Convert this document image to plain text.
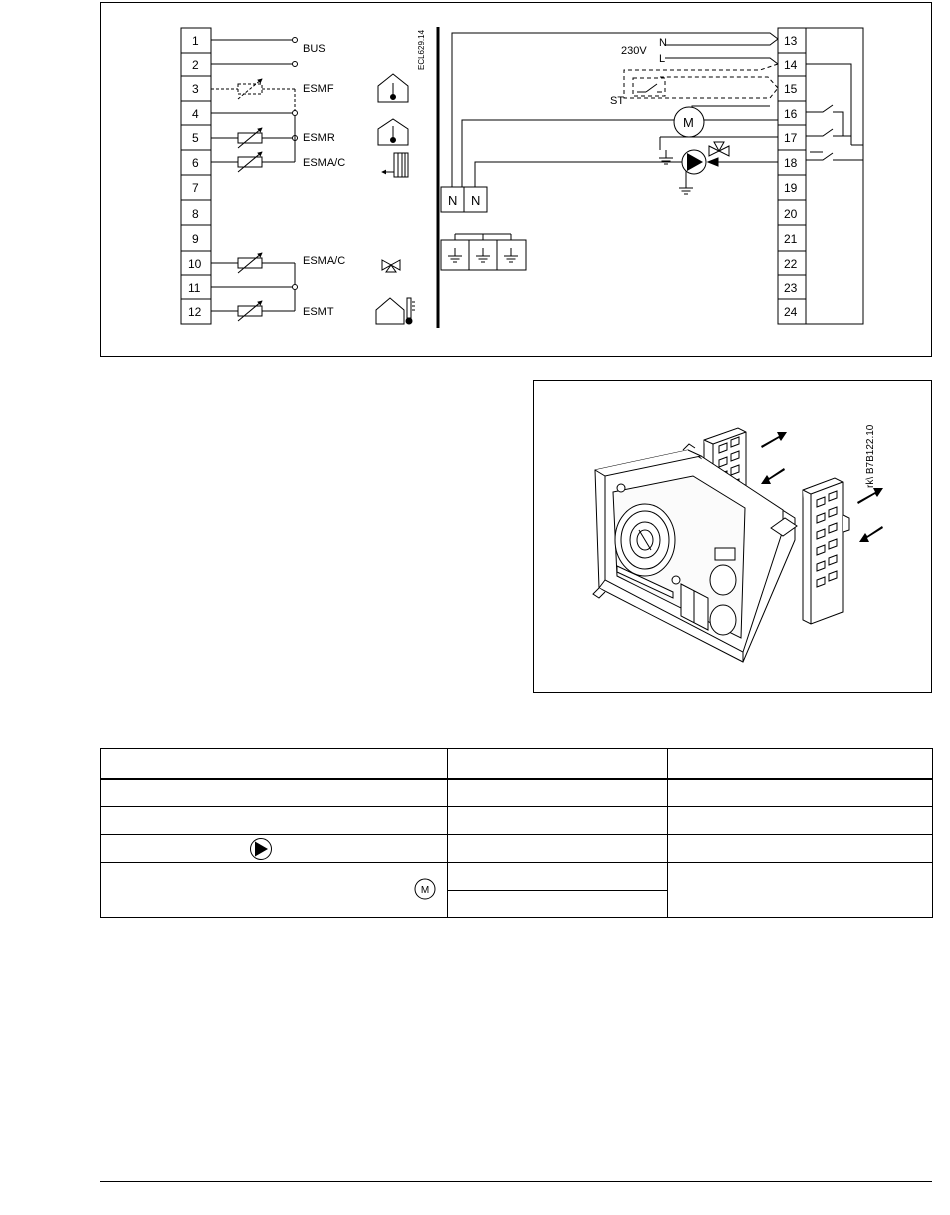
1
2
3
4
5
6
7
8
9
10
11
12
BUS
ESMF
ESMR
ESMA/C
ESMA/C
ESMT
ECL629.14
N N
13
14
15
16
17
18
19
20
21
22
23
24
230V
N
L
ST
M
rk\ B7B122.10

M		
